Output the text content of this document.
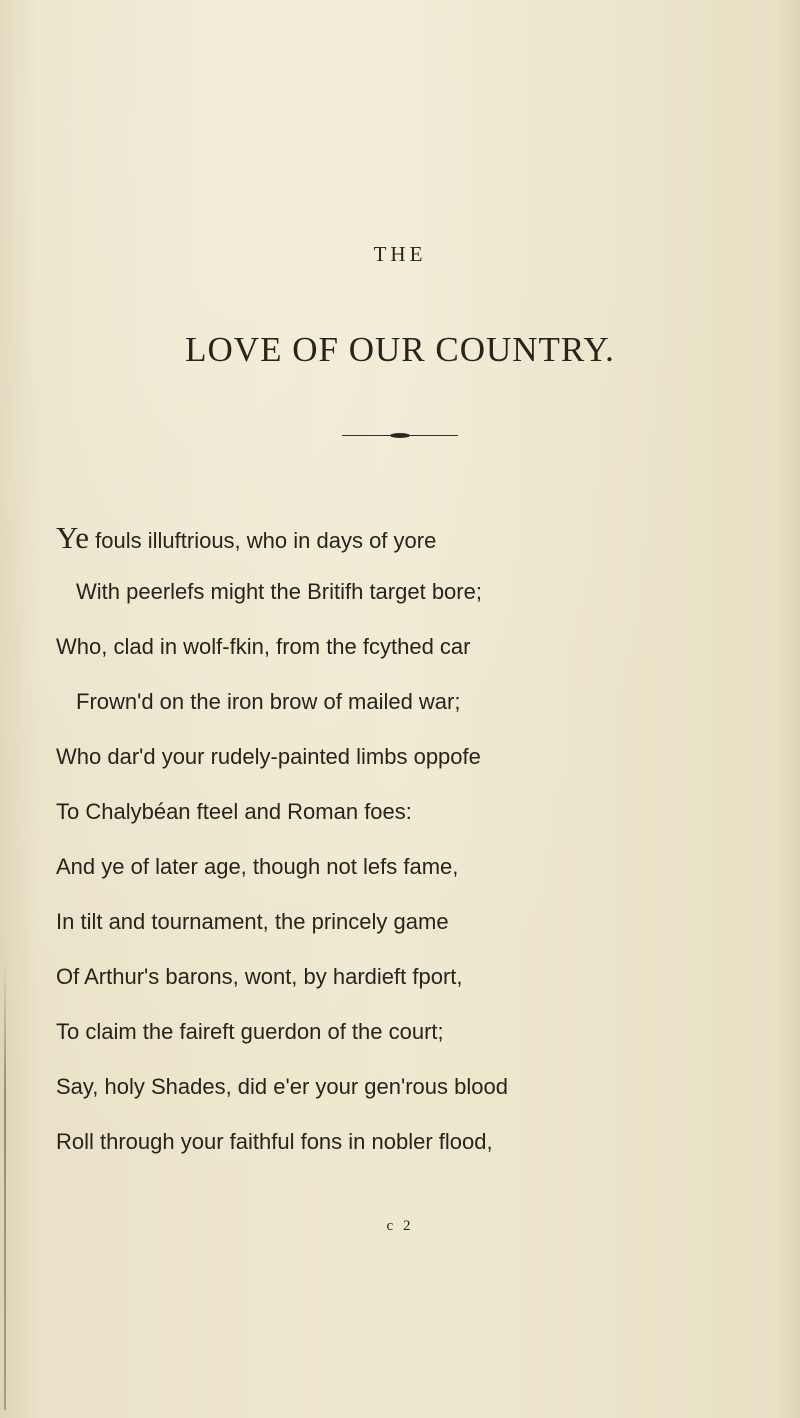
THE
LOVE OF OUR COUNTRY.
Ye fouls illuftrious, who in days of yore
With peerlefs might the Britifh target bore;
Who, clad in wolf-fkin, from the fcythed car
Frown'd on the iron brow of mailed war;
Who dar'd your rudely-painted limbs oppofe
To Chalybéan fteel and Roman foes:
And ye of later age, though not lefs fame,
In tilt and tournament, the princely game
Of Arthur's barons, wont, by hardieft fport,
To claim the faireft guerdon of the court;
Say, holy Shades, did e'er your gen'rous blood
Roll through your faithful fons in nobler flood,
c 2
